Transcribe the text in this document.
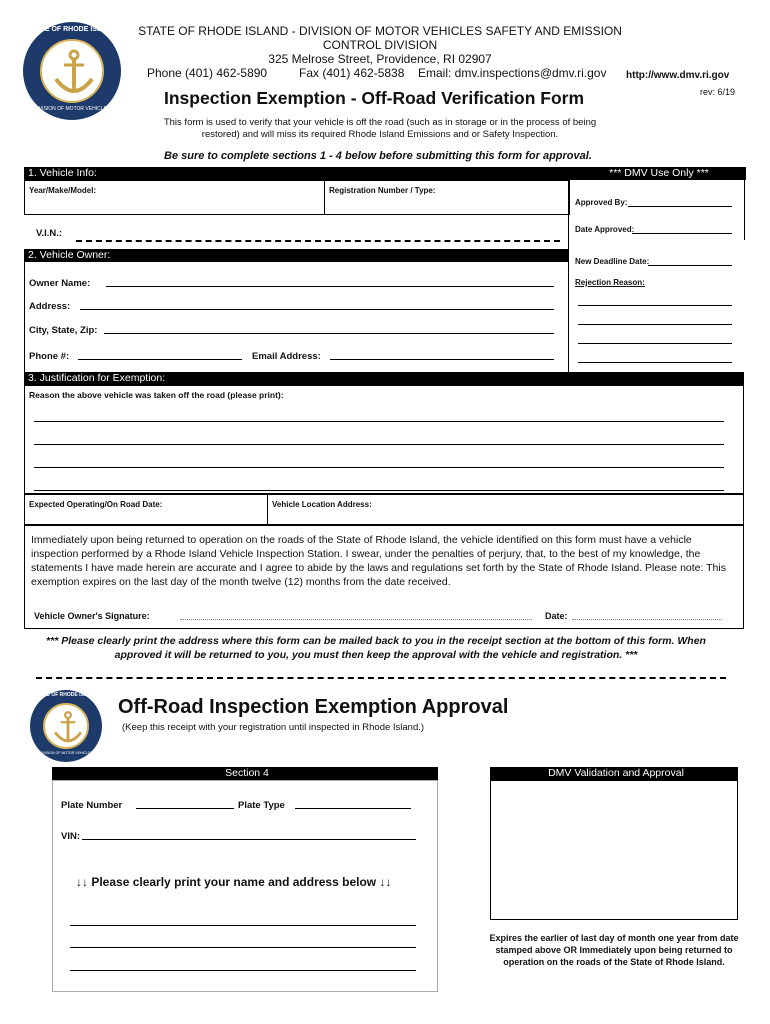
STATE OF RHODE ISLAND
DIVISION OF MOTOR VEHICLES
STATE OF RHODE ISLAND - DIVISION OF MOTOR VEHICLES SAFETY AND EMISSION
CONTROL DIVISION
325 Melrose Street, Providence, RI 02907
Phone (401) 462-5890	Fax (401) 462-5838 Email: dmv.inspections@dmv.ri.gov http://www.dmv.ri.gov
rev: 6/19
Inspection Exemption - Off-Road Verification Form
This form is used to verify that your vehicle is off the road (such as in storage or in the process of being restored) and will miss its required Rhode Island Emissions and or Safety Inspection.
Be sure to complete sections 1 - 4 below before submitting this form for approval.
1. Vehicle Info:
Year/Make/Model:	Registration Number / Type:
V.I.N.:
*** DMV Use Only ***
Approved By:
Date Approved:
New Deadline Date:
Rejection Reason:
2. Vehicle Owner:
Owner Name:
Address:
City, State, Zip:
Phone #:	Email Address:
3. Justification for Exemption:
Reason the above vehicle was taken off the road (please print):
Expected Operating/On Road Date:	Vehicle Location Address:
Immediately upon being returned to operation on the roads of the State of Rhode Island, the vehicle identified on this form must have a vehicle inspection performed by a Rhode Island Vehicle Inspection Station. I swear, under the penalties of perjury, that, to the best of my knowledge, the statements I have made herein are accurate and I agree to abide by the laws and regulations set forth by the State of Rhode Island. Please note: This exemption expires on the last day of the month twelve (12) months from the date received.
Vehicle Owner's Signature:	Date:
*** Please clearly print the address where this form can be mailed back to you in the receipt section at the bottom of this form. When approved it will be returned to you, you must then keep the approval with the vehicle and registration. ***
STATE OF RHODE ISLAND
DIVISION OF MOTOR VEHICLES
Off-Road Inspection Exemption Approval
(Keep this receipt with your registration until inspected in Rhode Island.)
Section 4
Plate Number	Plate Type
VIN:
↓↓ Please clearly print your name and address below ↓↓
DMV Validation and Approval
Expires the earlier of last day of month one year from date stamped above OR Immediately upon being returned to operation on the roads of the State of Rhode Island.
